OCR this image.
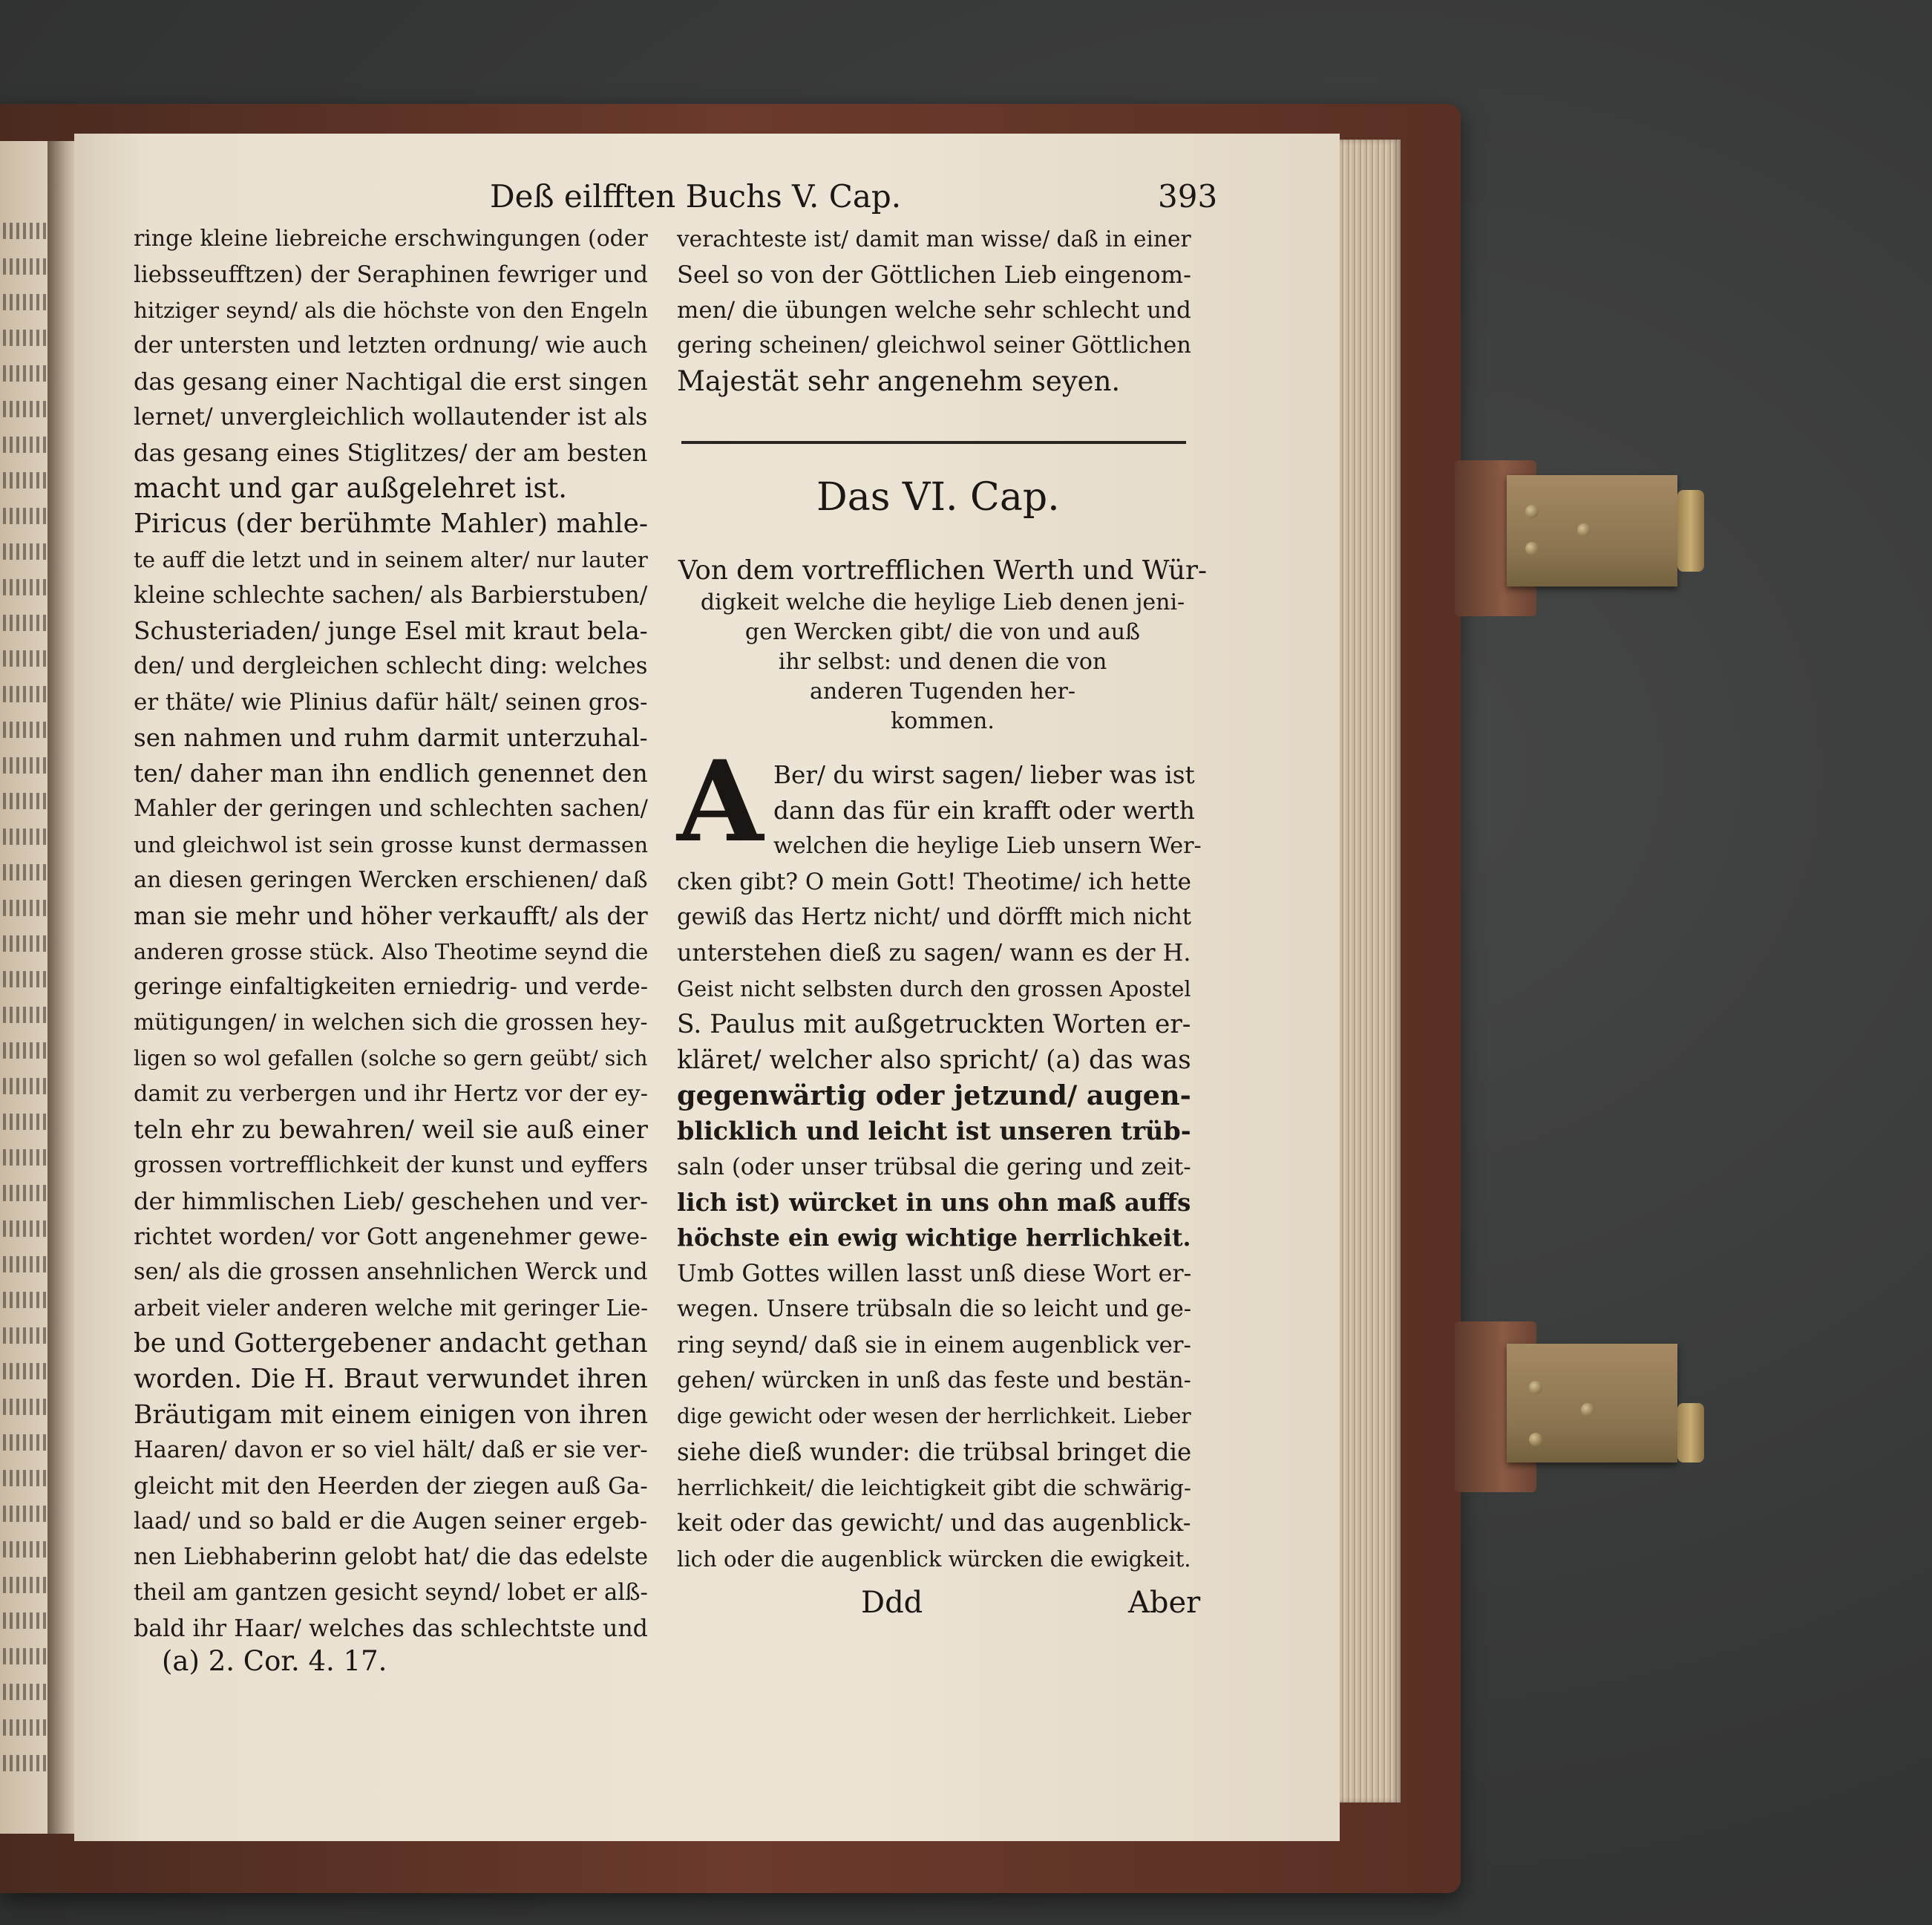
Deß eilfften Buchs V. Cap.	393
ringe kleine liebreiche erschwingungen (oder
liebsseufftzen) der Seraphinen fewriger und
hitziger seynd/ als die höchste von den Engeln
der untersten und letzten ordnung/ wie auch
das gesang einer Nachtigal die erst singen
lernet/ unvergleichlich wollautender ist als
das gesang eines Stiglitzes/ der am besten
macht und gar außgelehret ist.
Piricus (der berühmte Mahler) mahle-
te auff die letzt und in seinem alter/ nur lauter
kleine schlechte sachen/ als Barbierstuben/
Schusteriaden/ junge Esel mit kraut bela-
den/ und dergleichen schlecht ding: welches
er thäte/ wie Plinius dafür hält/ seinen gros-
sen nahmen und ruhm darmit unterzuhal-
ten/ daher man ihn endlich genennet den
Mahler der geringen und schlechten sachen/
und gleichwol ist sein grosse kunst dermassen
an diesen geringen Wercken erschienen/ daß
man sie mehr und höher verkaufft/ als der
anderen grosse stück. Also Theotime seynd die
geringe einfaltigkeiten erniedrig- und verde-
mütigungen/ in welchen sich die grossen hey-
ligen so wol gefallen (solche so gern geübt/ sich
damit zu verbergen und ihr Hertz vor der ey-
teln ehr zu bewahren/ weil sie auß einer
grossen vortrefflichkeit der kunst und eyffers
der himmlischen Lieb/ geschehen und ver-
richtet worden/ vor Gott angenehmer gewe-
sen/ als die grossen ansehnlichen Werck und
arbeit vieler anderen welche mit geringer Lie-
be und Gottergebener andacht gethan
worden. Die H. Braut verwundet ihren
Bräutigam mit einem einigen von ihren
Haaren/ davon er so viel hält/ daß er sie ver-
gleicht mit den Heerden der ziegen auß Ga-
laad/ und so bald er die Augen seiner ergeb-
nen Liebhaberinn gelobt hat/ die das edelste
theil am gantzen gesicht seynd/ lobet er alß-
bald ihr Haar/ welches das schlechtste und
verachteste ist/ damit man wisse/ daß in einer
Seel so von der Göttlichen Lieb eingenom-
men/ die übungen welche sehr schlecht und
gering scheinen/ gleichwol seiner Göttlichen
Majestät sehr angenehm seyen.
Das VI. Cap.
Von dem vortrefflichen Werth und Wür-
digkeit welche die heylige Lieb denen jeni-
gen Wercken gibt/ die von und auß
ihr selbst: und denen die von
anderen Tugenden her-
kommen.
A Ber/ du wirst sagen/ lieber was ist
dann das für ein krafft oder werth
welchen die heylige Lieb unsern Wer-
cken gibt? O mein Gott! Theotime/ ich hette
gewiß das Hertz nicht/ und dörfft mich nicht
unterstehen dieß zu sagen/ wann es der H.
Geist nicht selbsten durch den grossen Apostel
S. Paulus mit außgetruckten Worten er-
kläret/ welcher also spricht/ (a) das was
gegenwärtig oder jetzund/ augen-
blicklich und leicht ist unseren trüb-
saln (oder unser trübsal die gering und zeit-
lich ist) würcket in uns ohn maß auffs
höchste ein ewig wichtige herrlichkeit.
Umb Gottes willen lasst unß diese Wort er-
wegen. Unsere trübsaln die so leicht und ge-
ring seynd/ daß sie in einem augenblick ver-
gehen/ würcken in unß das feste und bestän-
dige gewicht oder wesen der herrlichkeit. Lieber
siehe dieß wunder: die trübsal bringet die
herrlichkeit/ die leichtigkeit gibt die schwärig-
keit oder das gewicht/ und das augenblick-
lich oder die augenblick würcken die ewigkeit.
Ddd	Aber
(a) 2. Cor. 4. 17.
